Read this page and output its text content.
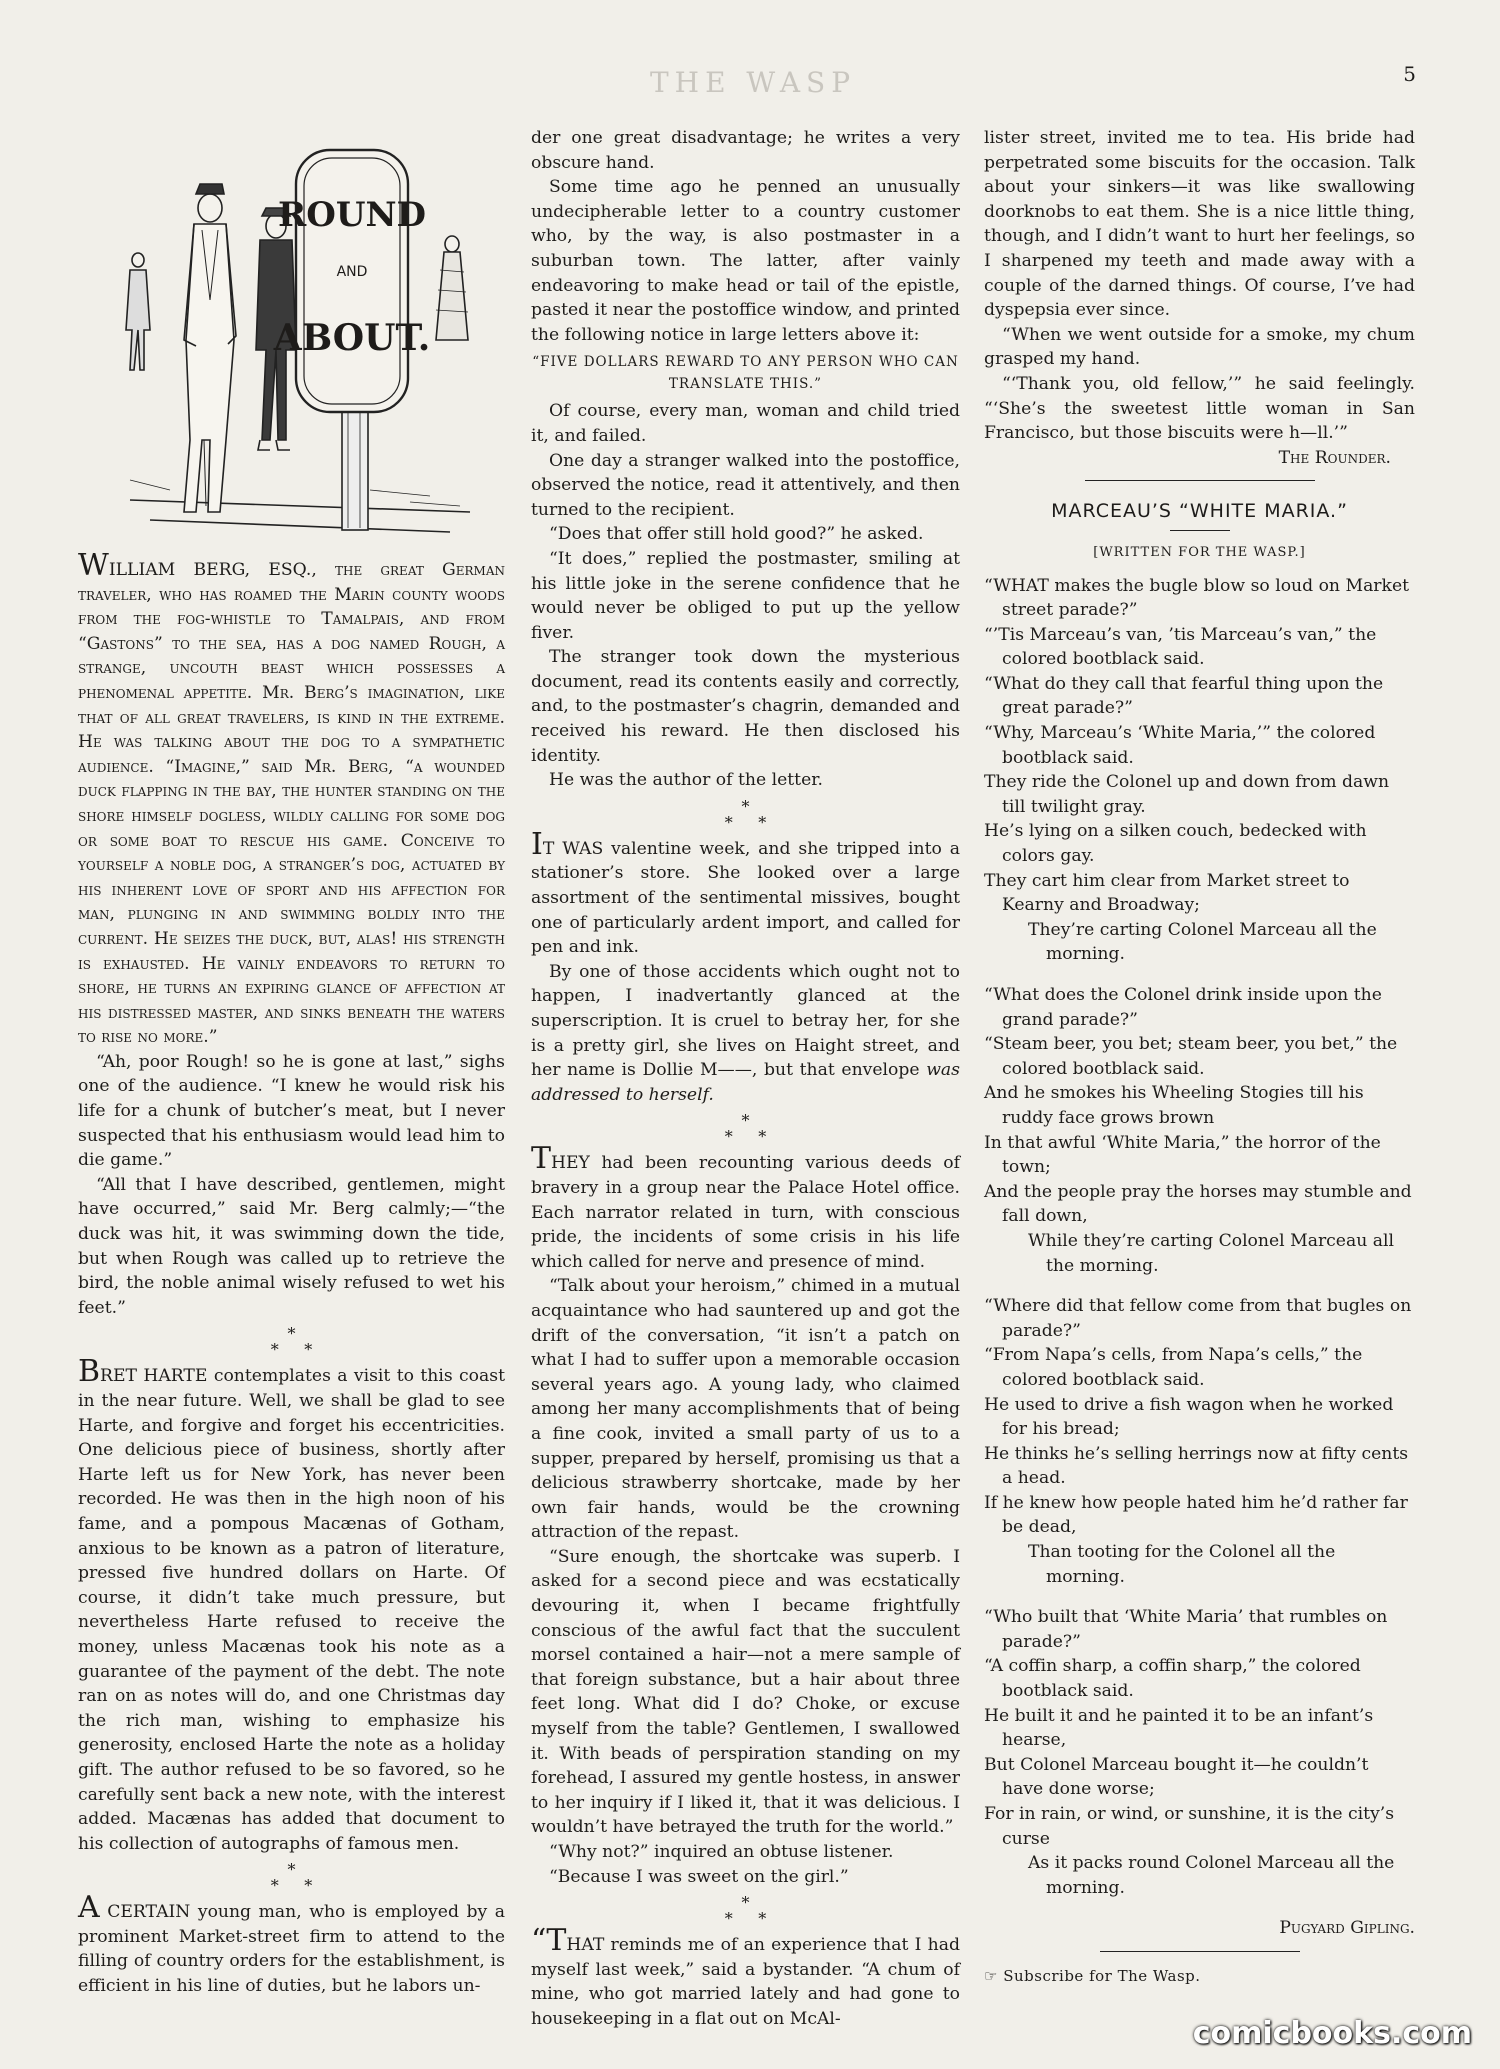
5
THE WASP
ROUND
AND
ABOUT.

WILLIAM BERG, ESQ., the great German traveler, who has roamed the Marin county woods from the fog-whistle to Tamalpais, and from “Gastons” to the sea, has a dog named Rough, a strange, uncouth beast which possesses a phenomenal appetite. Mr. Berg’s imagination, like that of all great travelers, is kind in the extreme. He was talking about the dog to a sympathetic audience. “Imagine,” said Mr. Berg, “a wounded duck flapping in the bay, the hunter standing on the shore himself dogless, wildly calling for some dog or some boat to rescue his game. Conceive to yourself a noble dog, a stranger’s dog, actuated by his inherent love of sport and his affection for man, plunging in and swimming boldly into the current. He seizes the duck, but, alas! his strength is exhausted. He vainly endeavors to return to shore, he turns an expiring glance of affection at his distressed master, and sinks beneath the waters to rise no more.”

“Ah, poor Rough! so he is gone at last,” sighs one of the audience. “I knew he would risk his life for a chunk of butcher’s meat, but I never suspected that his enthusiasm would lead him to die game.”

“All that I have described, gentlemen, might have occurred,” said Mr. Berg calmly;—“the duck was hit, it was swimming down the tide, but when Rough was called up to retrieve the bird, the noble animal wisely refused to wet his feet.”

*
*     *

BRET HARTE contemplates a visit to this coast in the near future. Well, we shall be glad to see Harte, and forgive and forget his eccentricities. One delicious piece of business, shortly after Harte left us for New York, has never been recorded. He was then in the high noon of his fame, and a pompous Macænas of Gotham, anxious to be known as a patron of literature, pressed five hundred dollars on Harte. Of course, it didn’t take much pressure, but nevertheless Harte refused to receive the money, unless Macænas took his note as a guarantee of the payment of the debt. The note ran on as notes will do, and one Christmas day the rich man, wishing to emphasize his generosity, enclosed Harte the note as a holiday gift. The author refused to be so favored, so he carefully sent back a new note, with the interest added. Macænas has added that document to his collection of autographs of famous men.

*
*     *

A CERTAIN young man, who is employed by a prominent Market-street firm to attend to the filling of country orders for the establishment, is efficient in his line of duties, but he labors un-

der one great disadvantage; he writes a very obscure hand.

Some time ago he penned an unusually undecipherable letter to a country customer who, by the way, is also postmaster in a suburban town. The latter, after vainly endeavoring to make head or tail of the epistle, pasted it near the postoffice window, and printed the following notice in large letters above it:

“FIVE DOLLARS REWARD TO ANY PERSON WHO CAN TRANSLATE THIS.”

Of course, every man, woman and child tried it, and failed.

One day a stranger walked into the postoffice, observed the notice, read it attentively, and then turned to the recipient.

“Does that offer still hold good?” he asked.

“It does,” replied the postmaster, smiling at his little joke in the serene confidence that he would never be obliged to put up the yellow fiver.

The stranger took down the mysterious document, read its contents easily and correctly, and, to the postmaster’s chagrin, demanded and received his reward. He then disclosed his identity.

He was the author of the letter.

*
*     *

IT WAS valentine week, and she tripped into a stationer’s store. She looked over a large assortment of the sentimental missives, bought one of particularly ardent import, and called for pen and ink.

By one of those accidents which ought not to happen, I inadvertantly glanced at the superscription. It is cruel to betray her, for she is a pretty girl, she lives on Haight street, and her name is Dollie M——, but that envelope was addressed to herself.

*
*     *

THEY had been recounting various deeds of bravery in a group near the Palace Hotel office. Each narrator related in turn, with conscious pride, the incidents of some crisis in his life which called for nerve and presence of mind.

“Talk about your heroism,” chimed in a mutual acquaintance who had sauntered up and got the drift of the conversation, “it isn’t a patch on what I had to suffer upon a memorable occasion several years ago. A young lady, who claimed among her many accomplishments that of being a fine cook, invited a small party of us to a supper, prepared by herself, promising us that a delicious strawberry shortcake, made by her own fair hands, would be the crowning attraction of the repast.

“Sure enough, the shortcake was superb. I asked for a second piece and was ecstatically devouring it, when I became frightfully conscious of the awful fact that the succulent morsel contained a hair—not a mere sample of that foreign substance, but a hair about three feet long. What did I do? Choke, or excuse myself from the table? Gentlemen, I swallowed it. With beads of perspiration standing on my forehead, I assured my gentle hostess, in answer to her inquiry if I liked it, that it was delicious. I wouldn’t have betrayed the truth for the world.”

“Why not?” inquired an obtuse listener.

“Because I was sweet on the girl.”

*
*     *

“THAT reminds me of an experience that I had myself last week,” said a bystander. “A chum of mine, who got married lately and had gone to housekeeping in a flat out on McAl-

lister street, invited me to tea. His bride had perpetrated some biscuits for the occasion. Talk about your sinkers—it was like swallowing doorknobs to eat them. She is a nice little thing, though, and I didn’t want to hurt her feelings, so I sharpened my teeth and made away with a couple of the darned things. Of course, I’ve had dyspepsia ever since.

“When we went outside for a smoke, my chum grasped my hand.

“‘Thank you, old fellow,’” he said feelingly. “‘She’s the sweetest little woman in San Francisco, but those biscuits were h—ll.’”

The Rounder.
MARCEAU’S “WHITE MARIA.”
[WRITTEN FOR THE WASP.]

“WHAT makes the bugle blow so loud on Market street parade?”

“’Tis Marceau’s van, ’tis Marceau’s van,” the colored bootblack said.

“What do they call that fearful thing upon the great parade?”

“Why, Marceau’s ‘White Maria,’” the colored bootblack said.

They ride the Colonel up and down from dawn till twilight gray.

He’s lying on a silken couch, bedecked with colors gay.

They cart him clear from Market street to Kearny and Broadway;

They’re carting Colonel Marceau all the morning.

“What does the Colonel drink inside upon the grand parade?”

“Steam beer, you bet; steam beer, you bet,” the colored bootblack said.

And he smokes his Wheeling Stogies till his ruddy face grows brown

In that awful ‘White Maria,” the horror of the town;

And the people pray the horses may stumble and fall down,

While they’re carting Colonel Marceau all the morning.

“Where did that fellow come from that bugles on parade?”

“From Napa’s cells, from Napa’s cells,” the colored bootblack said.

He used to drive a fish wagon when he worked for his bread;

He thinks he’s selling herrings now at fifty cents a head.

If he knew how people hated him he’d rather far be dead,

Than tooting for the Colonel all the morning.

“Who built that ‘White Maria’ that rumbles on parade?”

“A coffin sharp, a coffin sharp,” the colored bootblack said.

He built it and he painted it to be an infant’s hearse,

But Colonel Marceau bought it—he couldn’t have done worse;

For in rain, or wind, or sunshine, it is the city’s curse

As it packs round Colonel Marceau all the morning.

Pugyard Gipling.
☞ Subscribe for The Wasp.
comicbooks.com
